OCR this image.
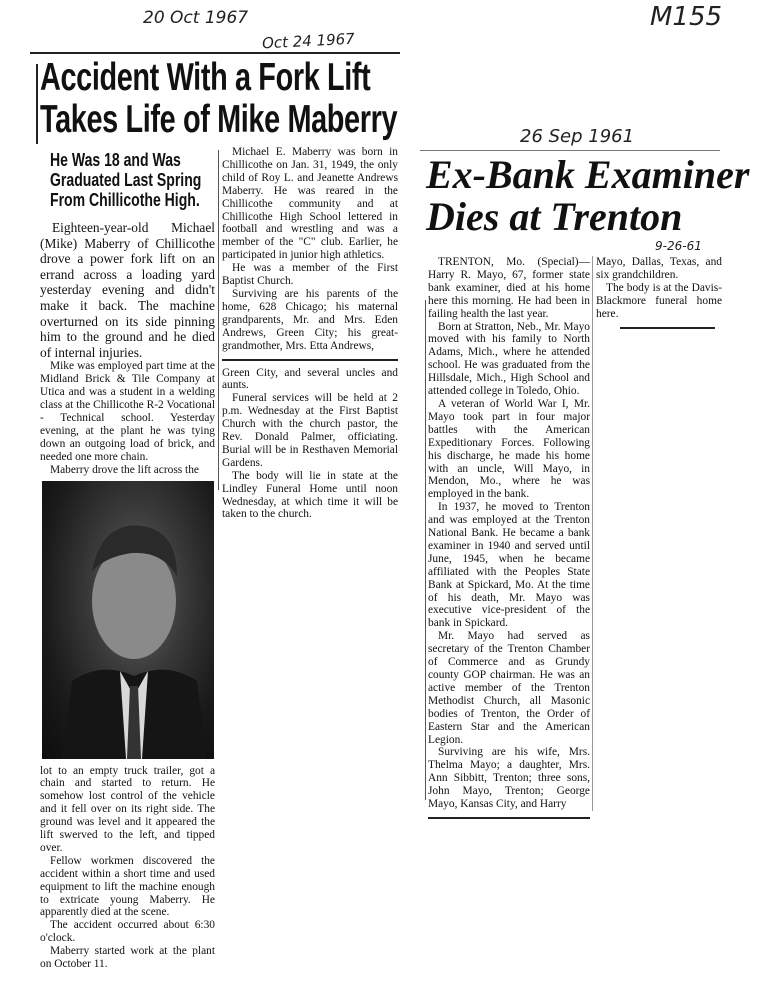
20 Oct 1967
Oct 24 1967
M155
26 Sep 1961
9-26-61
Accident With a Fork Lift
Takes Life of Mike Maberry
He Was 18 and Was
Graduated Last Spring
From Chillicothe High.

Eighteen-year-old Michael (Mike) Maberry of Chillicothe drove a power fork lift on an errand across a loading yard yesterday evening and didn't make it back. The machine overturned on its side pinning him to the ground and he died of internal injuries.

Mike was employed part time at the Midland Brick & Tile Company at Utica and was a student in a welding class at the Chillicothe R-2 Vocational - Technical school. Yesterday evening, at the plant he was tying down an outgoing load of brick, and needed one more chain.

Maberry drove the lift across the

lot to an empty truck trailer, got a chain and started to return. He somehow lost control of the vehicle and it fell over on its right side. The ground was level and it appeared the lift swerved to the left, and tipped over.

Fellow workmen discovered the accident within a short time and used equipment to lift the machine enough to extricate young Maberry. He apparently died at the scene.

The accident occurred about 6:30 o'clock.

Maberry started work at the plant on October 11.

Michael E. Maberry was born in Chillicothe on Jan. 31, 1949, the only child of Roy L. and Jeanette Andrews Maberry. He was reared in the Chillicothe community and at Chillicothe High School lettered in football and wrestling and was a member of the "C" club. Earlier, he participated in junior high athletics.

He was a member of the First Baptist Church.

Surviving are his parents of the home, 628 Chicago; his maternal grandparents, Mr. and Mrs. Eden Andrews, Green City; his great-grandmother, Mrs. Etta Andrews,

Green City, and several uncles and aunts.

Funeral services will be held at 2 p.m. Wednesday at the First Baptist Church with the church pastor, the Rev. Donald Palmer, officiating. Burial will be in Resthaven Memorial Gardens.

The body will lie in state at the Lindley Funeral Home until noon Wednesday, at which time it will be taken to the church.

Ex-Bank Examiner
Dies at Trenton

TRENTON, Mo. (Special)—Harry R. Mayo, 67, former state bank examiner, died at his home here this morning. He had been in failing health the last year.

Born at Stratton, Neb., Mr. Mayo moved with his family to North Adams, Mich., where he attended school. He was graduated from the Hillsdale, Mich., High School and attended college in Toledo, Ohio.

A veteran of World War I, Mr. Mayo took part in four major battles with the American Expeditionary Forces. Following his discharge, he made his home with an uncle, Will Mayo, in Mendon, Mo., where he was employed in the bank.

In 1937, he moved to Trenton and was employed at the Trenton National Bank. He became a bank examiner in 1940 and served until June, 1945, when he became affiliated with the Peoples State Bank at Spickard, Mo. At the time of his death, Mr. Mayo was executive vice-president of the bank in Spickard.

Mr. Mayo had served as secretary of the Trenton Chamber of Commerce and as Grundy county GOP chairman. He was an active member of the Trenton Methodist Church, all Masonic bodies of Trenton, the Order of Eastern Star and the American Legion.

Surviving are his wife, Mrs. Thelma Mayo; a daughter, Mrs. Ann Sibbitt, Trenton; three sons, John Mayo, Trenton; George Mayo, Kansas City, and Harry

Mayo, Dallas, Texas, and six grandchildren.

The body is at the Davis-Blackmore funeral home here.
